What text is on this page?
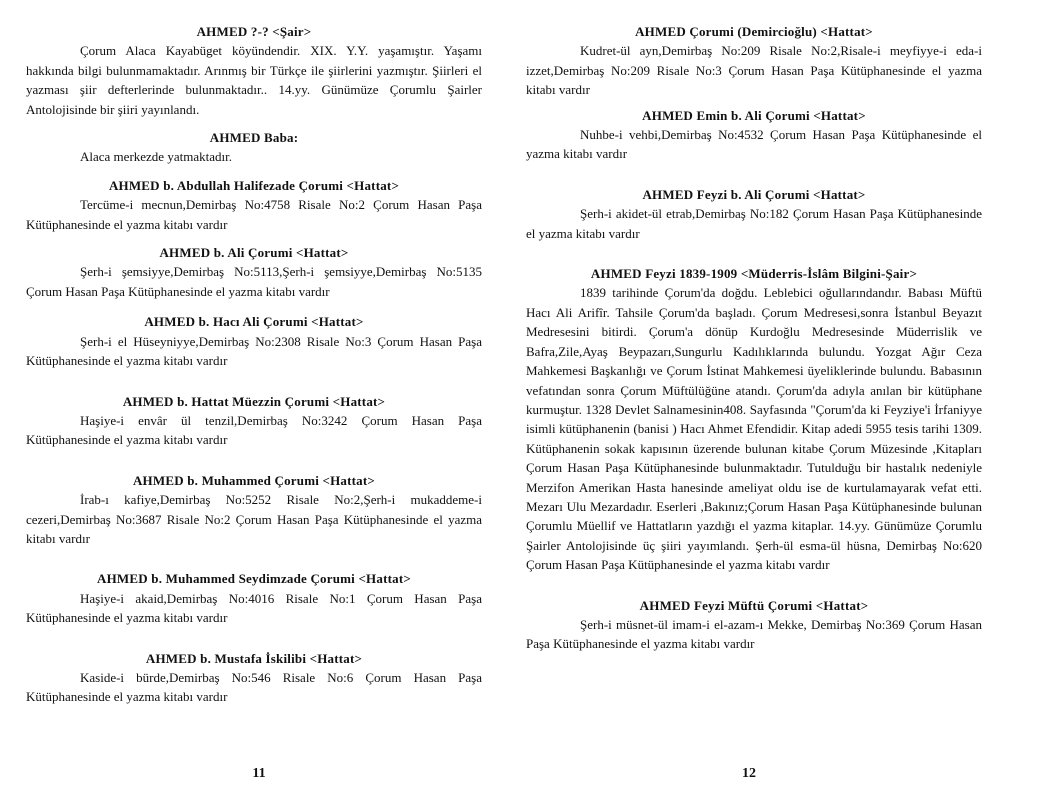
AHMED ?-? <Şair>

Çorum Alaca Kayabüget köyündendir. XIX. Y.Y. yaşamıştır. Yaşamı hakkında bilgi bulunmamaktadır. Arınmış bir Türkçe ile şiirlerini yazmıştır. Şiirleri el yazması şiir defterlerinde bulunmaktadır.. 14.yy. Günümüze Çorumlu Şairler Antolojisinde bir şiiri yayınlandı.

AHMED Baba:

Alaca merkezde yatmaktadır.

AHMED b. Abdullah Halifezade Çorumi <Hattat>

Tercüme-i mecnun,Demirbaş No:4758 Risale No:2 Çorum Hasan Paşa Kütüphanesinde el yazma kitabı vardır

AHMED b. Ali Çorumi <Hattat>

Şerh-i şemsiyye,Demirbaş No:5113,Şerh-i şemsiyye,Demirbaş No:5135 Çorum Hasan Paşa Kütüphanesinde el yazma kitabı vardır

AHMED b. Hacı Ali Çorumi <Hattat>

Şerh-i el Hüseyniyye,Demirbaş No:2308 Risale No:3 Çorum Hasan Paşa Kütüphanesinde el yazma kitabı vardır

AHMED b. Hattat Müezzin Çorumi <Hattat>

Haşiye-i envâr ül tenzil,Demirbaş No:3242 Çorum Hasan Paşa Kütüphanesinde el yazma kitabı vardır

AHMED b. Muhammed Çorumi <Hattat>

İrab-ı kafiye,Demirbaş No:5252 Risale No:2,Şerh-i mukaddeme-i cezeri,Demirbaş No:3687 Risale No:2 Çorum Hasan Paşa Kütüphanesinde el yazma kitabı vardır

AHMED b. Muhammed Seydimzade Çorumi <Hattat>

Haşiye-i akaid,Demirbaş No:4016 Risale No:1 Çorum Hasan Paşa Kütüphanesinde el yazma kitabı vardır

AHMED b. Mustafa İskilibi <Hattat>

Kaside-i bürde,Demirbaş No:546 Risale No:6 Çorum Hasan Paşa Kütüphanesinde el yazma kitabı vardır

AHMED Çorumi (Demircioğlu) <Hattat>

Kudret-ül ayn,Demirbaş No:209 Risale No:2,Risale-i meyfiyye-i eda-i izzet,Demirbaş No:209 Risale No:3 Çorum Hasan Paşa Kütüphanesinde el yazma kitabı vardır

AHMED Emin b. Ali Çorumi <Hattat>

Nuhbe-i vehbi,Demirbaş No:4532 Çorum Hasan Paşa Kütüphanesinde el yazma kitabı vardır

AHMED Feyzi b. Ali Çorumi <Hattat>

Şerh-i akidet-ül etrab,Demirbaş No:182 Çorum Hasan Paşa Kütüphanesinde el yazma kitabı vardır

AHMED Feyzi 1839-1909 <Müderris-İslâm Bilgini-Şair>

1839 tarihinde Çorum'da doğdu. Leblebici oğullarındandır. Babası Müftü Hacı Ali Arifîr. Tahsile Çorum'da başladı. Çorum Medresesi,sonra İstanbul Beyazıt Medresesini bitirdi. Çorum'a dönüp Kurdoğlu Medresesinde Müderrislik ve Bafra,Zile,Ayaş Beypazarı,Sungurlu Kadılıklarında bulundu. Yozgat Ağır Ceza Mahkemesi Başkanlığı ve Çorum İstinat Mahkemesi üyeliklerinde bulundu. Babasının vefatından sonra Çorum Müftülüğüne atandı. Çorum'da adıyla anılan bir kütüphane kurmuştur. 1328 Devlet Salnamesinin408. Sayfasında "Çorum'da ki Feyziye'i İrfaniyye isimli kütüphanenin (banisi ) Hacı Ahmet Efendidir. Kitap adedi 5955 tesis tarihi 1309. Kütüphanenin sokak kapısının üzerende bulunan kitabe Çorum Müzesinde ,Kitapları Çorum Hasan Paşa Kütüphanesinde bulunmaktadır. Tutulduğu bir hastalık nedeniyle Merzifon Amerikan Hasta hanesinde ameliyat oldu ise de kurtulamayarak vefat etti. Mezarı Ulu Mezardadır. Eserleri ,Bakınız;Çorum Hasan Paşa Kütüphanesinde bulunan Çorumlu Müellif ve Hattatların yazdığı el yazma kitaplar. 14.yy. Günümüze Çorumlu Şairler Antolojisinde üç şiiri yayımlandı. Şerh-ül esma-ül hüsna, Demirbaş No:620 Çorum Hasan Paşa Kütüphanesinde el yazma kitabı vardır

AHMED Feyzi Müftü Çorumi <Hattat>

Şerh-i müsnet-ül imam-i el-azam-ı Mekke, Demirbaş No:369 Çorum Hasan Paşa Kütüphanesinde el yazma kitabı vardır

11	12
